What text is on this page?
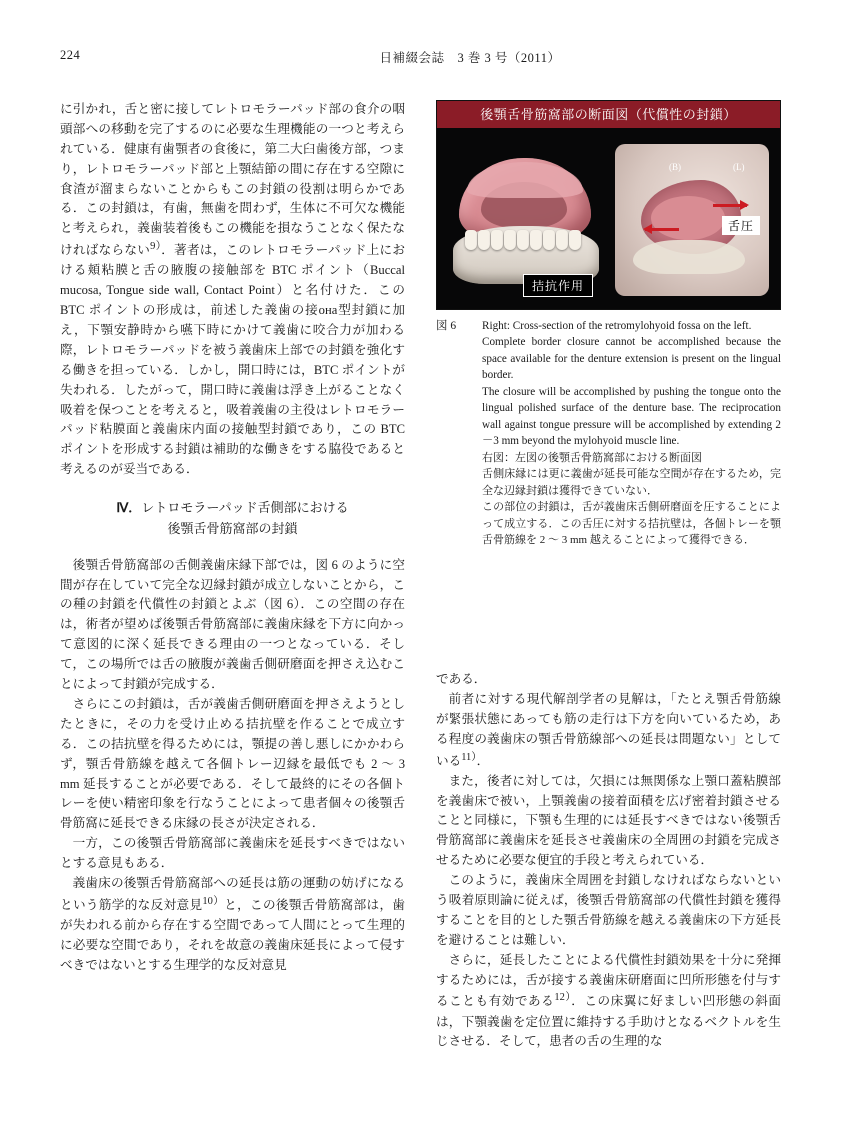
224	日補綴会誌　3 巻 3 号（2011）

に引かれ，舌と密に接してレトロモラーパッド部の食介の咽頭部への移動を完了するのに必要な生理機能の一つと考えられている．健康有歯顎者の食後に，第二大臼歯後方部，つまり，レトロモラーパッド部と上顎結節の間に存在する空隙に食渣が溜まらないことからもこの封鎖の役割は明らかである．この封鎖は，有歯，無歯を問わず，生体に不可欠な機能と考えられ，義歯装着後もこの機能を損なうことなく保たなければならない$^{9)}$．著者は，このレトロモラーパッド上における頬粘膜と舌の腋腹の接触部を BTC ポイント（Buccal mucosa, Tongue side wall, Contact Point）と名付けた．この BTC ポイントの形成は，前述した義歯の接она型封鎖に加え，下顎安静時から嚥下時にかけて義歯に咬合力が加わる際，レトロモラーパッドを被う義歯床上部での封鎖を強化する働きを担っている．しかし，開口時には，BTC ポイントが失われる．したがって，開口時に義歯は浮き上がることなく吸着を保つことを考えると，吸着義歯の主役はレトロモラーパッド粘膜面と義歯床内面の接触型封鎖であり，この BTC ポイントを形成する封鎖は補助的な働きをする脇役であると考えるのが妥当である．

Ⅳ．レトロモラーパッド舌側部における
後顎舌骨筋窩部の封鎖

後顎舌骨筋窩部の舌側義歯床縁下部では，図 6 のように空間が存在していて完全な辺縁封鎖が成立しないことから，この種の封鎖を代償性の封鎖とよぶ（図 6）．この空間の存在は，術者が望めば後顎舌骨筋窩部に義歯床縁を下方に向かって意図的に深く延長できる理由の一つとなっている．そして，この場所では舌の腋腹が義歯舌側研磨面を押さえ込むことによって封鎖が完成する．

さらにこの封鎖は，舌が義歯舌側研磨面を押さえようとしたときに，その力を受け止める拮抗壁を作ることで成立する．この拮抗壁を得るためには，顎提の善し悪しにかかわらず，顎舌骨筋線を越えて各個トレー辺縁を最低でも 2 〜 3 mm 延長することが必要である．そして最終的にその各個トレーを使い精密印象を行なうことによって患者個々の後顎舌骨筋窩に延長できる床縁の長さが決定される．

一方，この後顎舌骨筋窩部に義歯床を延長すべきではないとする意見もある．

義歯床の後顎舌骨筋窩部への延長は筋の運動の妨げになるという筋学的な反対意見$^{10)}$と，この後顎舌骨筋窩部は，歯が失われる前から存在する空間であって人間にとって生理的に必要な空間であり，それを故意の義歯床延長によって侵すべきではないとする生理学的な反対意見

後顎舌骨筋窩部の断面図（代償性の封鎖）
(B)	(L)
拮抗作用
舌圧
図 6 Right: Cross-section of the retromylohyoid fossa on the left.
Complete border closure cannot be accomplished because the space available for the denture extension is present on the lingual border.
The closure will be accomplished by pushing the tongue onto the lingual polished surface of the denture base. The reciprocation wall against tongue pressure will be accomplished by extending 2－3 mm beyond the mylohyoid muscle line.
右図：左図の後顎舌骨筋窩部における断面図
舌側床縁には更に義歯が延長可能な空間が存在するため，完全な辺縁封鎖は獲得できていない．
この部位の封鎖は，舌が義歯床舌側研磨面を圧することによって成立する．この舌圧に対する拮抗壁は，各個トレーを顎舌骨筋線を 2 〜 3 mm 越えることによって獲得できる．

である．

前者に対する現代解剖学者の見解は，「たとえ顎舌骨筋線が緊張状態にあっても筋の走行は下方を向いているため，ある程度の義歯床の顎舌骨筋線部への延長は問題ない」としている$^{11)}$．

また，後者に対しては，欠損には無関係な上顎口蓋粘膜部を義歯床で被い，上顎義歯の接着面積を広げ密着封鎖させることと同様に，下顎も生理的には延長すべきではない後顎舌骨筋窩部に義歯床を延長させ義歯床の全周囲の封鎖を完成させるために必要な便宜的手段と考えられている．

このように，義歯床全周囲を封鎖しなければならないという吸着原則論に従えば，後顎舌骨筋窩部の代償性封鎖を獲得することを目的とした顎舌骨筋線を越える義歯床の下方延長を避けることは難しい．

さらに，延長したことによる代償性封鎖効果を十分に発揮するためには，舌が接する義歯床研磨面に凹所形態を付与することも有効である$^{12)}$．この床翼に好ましい凹形態の斜面は，下顎義歯を定位置に維持する手助けとなるベクトルを生じさせる．そして，患者の舌の生理的な
